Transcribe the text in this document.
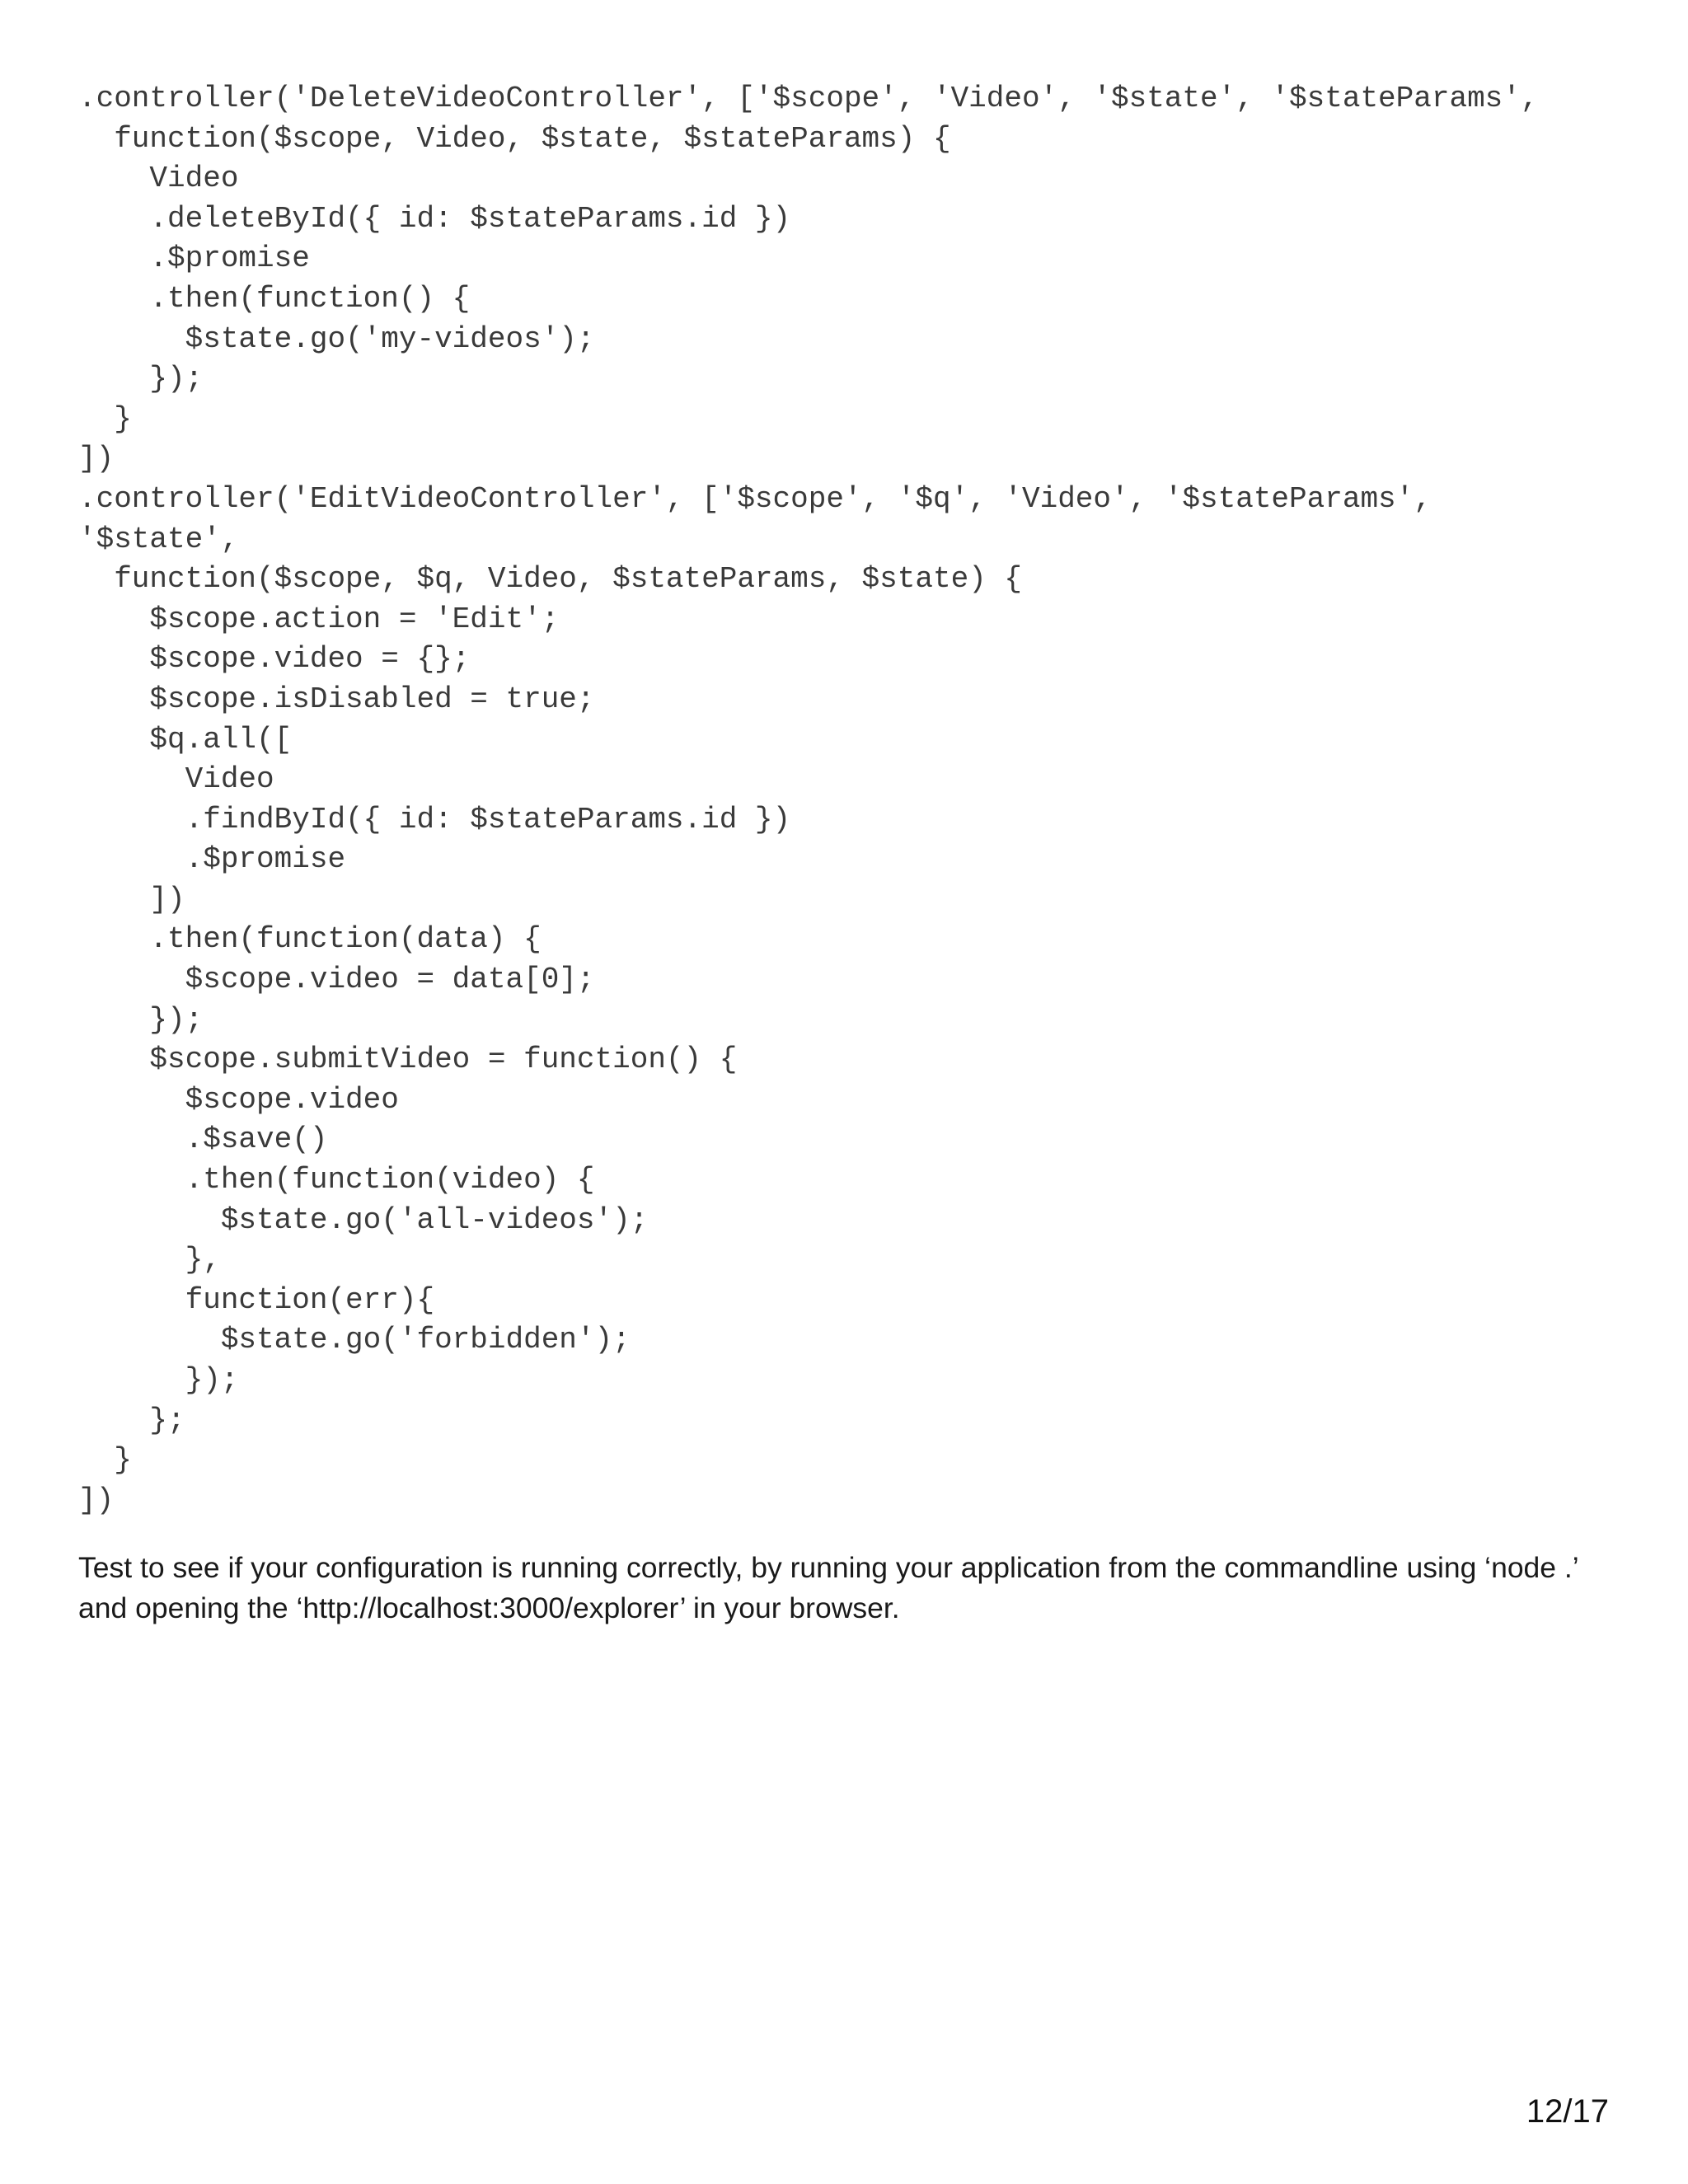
.controller('DeleteVideoController', ['$scope', 'Video', '$state', '$stateParams',
function($scope, Video, $state, $stateParams) {
Video
.deleteById({ id: $stateParams.id })
.$promise
.then(function() {
$state.go('my-videos');
});
}
])
.controller('EditVideoController', ['$scope', '$q', 'Video', '$stateParams',
'$state',
function($scope, $q, Video, $stateParams, $state) {
$scope.action = 'Edit';
$scope.video = {};
$scope.isDisabled = true;
$q.all([
Video
.findById({ id: $stateParams.id })
.$promise
])
.then(function(data) {
$scope.video = data[0];
});
$scope.submitVideo = function() {
$scope.video
.$save()
.then(function(video) {
$state.go('all-videos');
},
function(err){
$state.go('forbidden');
});
};
}
])

Test to see if your configuration is running correctly, by running your application from the commandline using ‘node .’ and opening the ‘http://localhost:3000/explorer’ in your browser.

12/17
